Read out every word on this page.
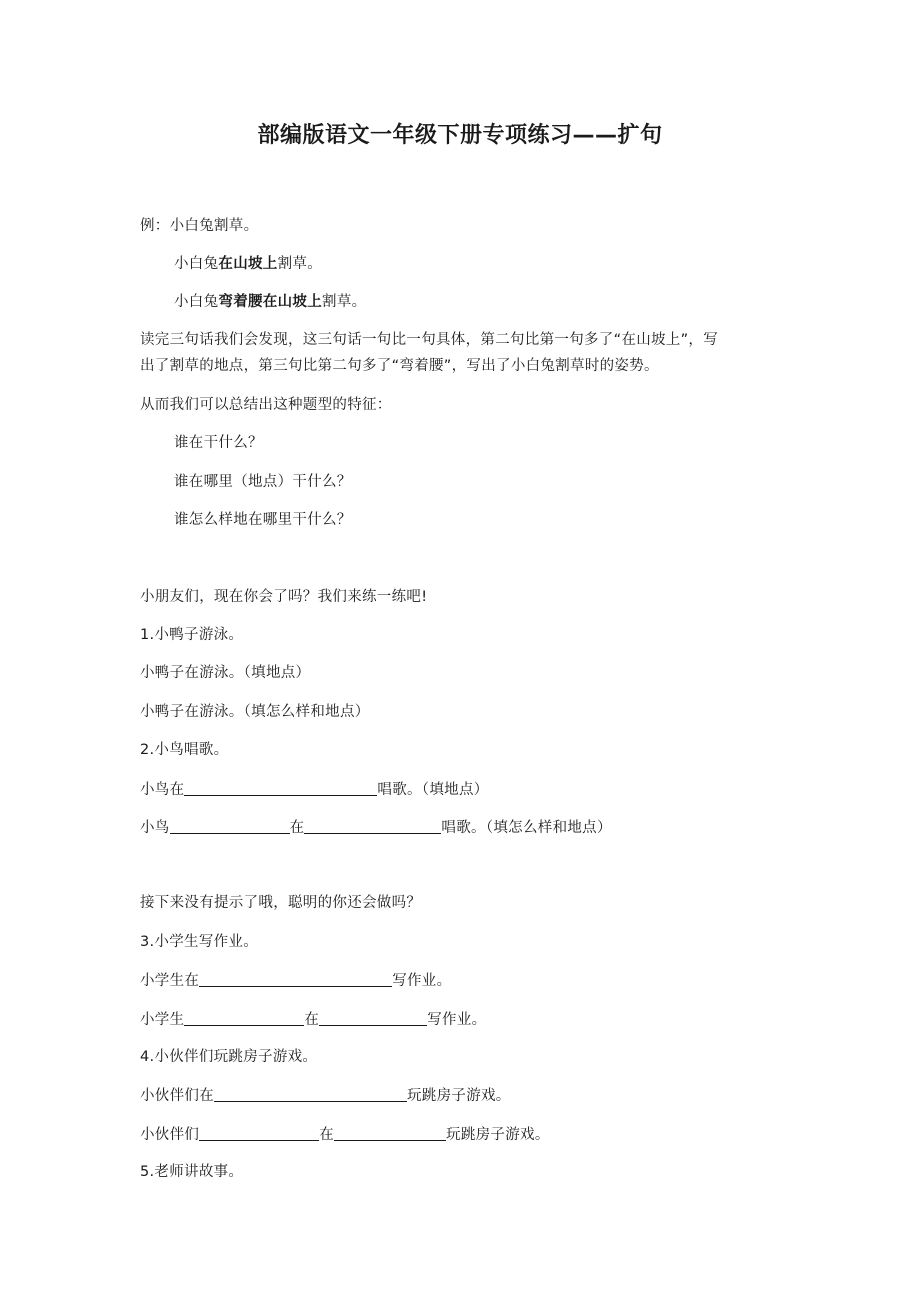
部编版语文一年级下册专项练习——扩句
例：小白兔割草。
小白兔在山坡上割草。
小白兔弯着腰在山坡上割草。
读完三句话我们会发现，这三句话一句比一句具体，第二句比第一句多了“在山坡上”，写
出了割草的地点，第三句比第二句多了“弯着腰”，写出了小白兔割草时的姿势。
从而我们可以总结出这种题型的特征：
谁在干什么？
谁在哪里（地点）干什么？
谁怎么样地在哪里干什么？
小朋友们，现在你会了吗？我们来练一练吧!
1.小鸭子游泳。
小鸭子在游泳。（填地点）
小鸭子在游泳。（填怎么样和地点）
2.小鸟唱歌。
小鸟在	唱歌。（填地点）
小鸟	在	唱歌。（填怎么样和地点）
接下来没有提示了哦，聪明的你还会做吗？
3.小学生写作业。
小学生在	写作业。
小学生	在	写作业。
4.小伙伴们玩跳房子游戏。
小伙伴们在	玩跳房子游戏。
小伙伴们	在	玩跳房子游戏。
5.老师讲故事。
